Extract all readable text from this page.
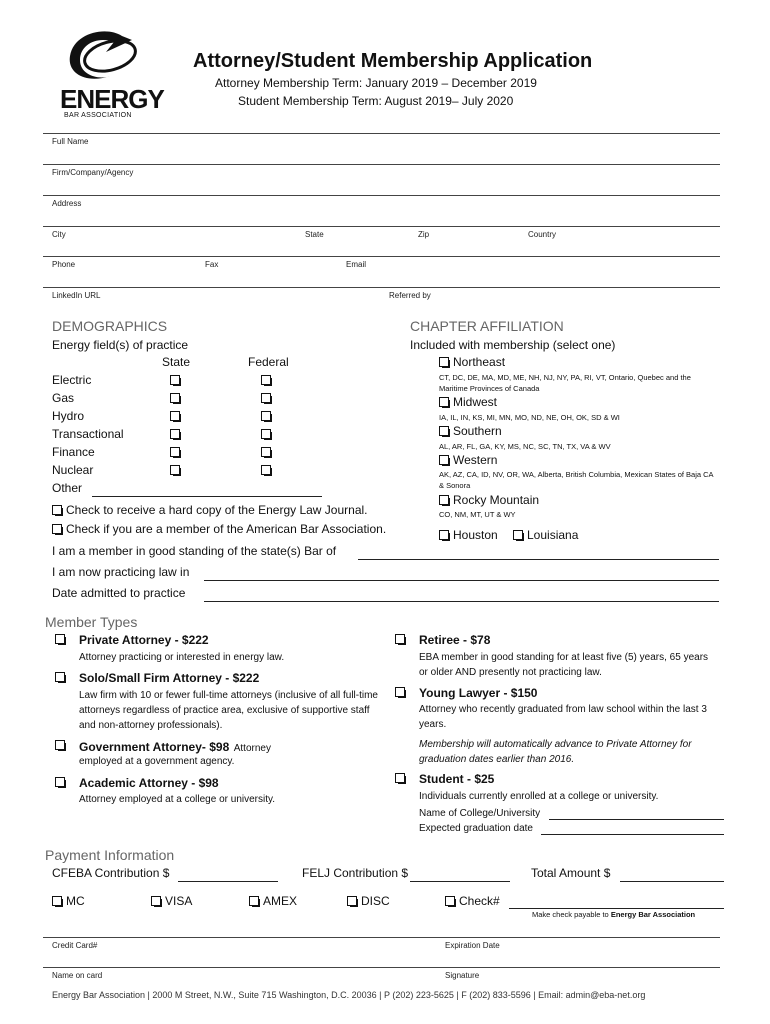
ENERGY
BAR ASSOCIATION
Attorney/Student Membership Application
Attorney Membership Term: January 2019 – December 2019
Student Membership Term: August 2019– July 2020
Full Name
Firm/Company/Agency
Address
City	State	Zip	Country
Phone	Fax	Email
LinkedIn URL	Referred by
DEMOGRAPHICS
Energy field(s) of practice
State	Federal
Electric
Gas
Hydro
Transactional
Finance
Nuclear
Other
Check to receive a hard copy of the Energy Law Journal.
Check if you are a member of the American Bar Association.
I am a member in good standing of the state(s) Bar of
I am now practicing law in
Date admitted to practice
CHAPTER AFFILIATION
Included with membership (select one)
Northeast
CT, DC, DE, MA, MD, ME, NH, NJ, NY, PA, RI, VT, Ontario, Quebec and the Maritime Provinces of Canada
Midwest
IA, IL, IN, KS, MI, MN, MO, ND, NE, OH, OK, SD & WI
Southern
AL, AR, FL, GA, KY, MS, NC, SC, TN, TX, VA & WV
Western
AK, AZ, CA, ID, NV, OR, WA, Alberta, British Columbia, Mexican States of Baja CA & Sonora
Rocky Mountain
CO, NM, MT, UT & WY
Houston Louisiana
Member Types
Private Attorney - $222
Attorney practicing or interested in energy law.
Solo/Small Firm Attorney - $222
Law firm with 10 or fewer full-time attorneys (inclusive of all full-time attorneys regardless of practice area, exclusive of supportive staff and non-attorney professionals).
Government Attorney- $98 Attorney
employed at a government agency.
Academic Attorney - $98
Attorney employed at a college or university.
Retiree - $78
EBA member in good standing for at least five (5) years, 65 years or older AND presently not practicing law.
Young Lawyer - $150
Attorney who recently graduated from law school within the last 3 years.
Membership will automatically advance to Private Attorney for graduation dates earlier than 2016.
Student - $25
Individuals currently enrolled at a college or university.
Name of College/University
Expected graduation date
Payment Information
CFEBA Contribution $	FELJ Contribution $	Total Amount $
MC	VISA	AMEX	DISC	Check#
Make check payable to Energy Bar Association
Credit Card#	Expiration Date
Name on card	Signature
Energy Bar Association | 2000 M Street, N.W., Suite 715 Washington, D.C. 20036 | P (202) 223-5625 | F (202) 833-5596 | Email: admin@eba-net.org
